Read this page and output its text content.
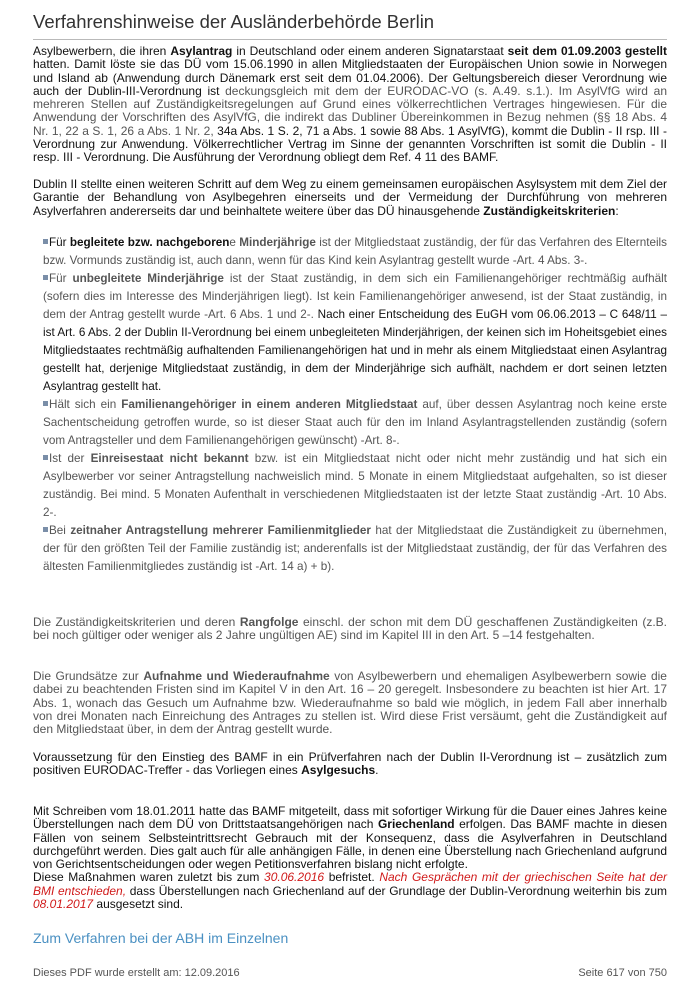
Verfahrenshinweise der Ausländerbehörde Berlin
Asylbewerbern, die ihren Asylantrag in Deutschland oder einem anderen Signatarstaat seit dem 01.09.2003 gestellt hatten. Damit löste sie das DÜ vom 15.06.1990 in allen Mitgliedstaaten der Europäischen Union sowie in Norwegen und Island ab (Anwendung durch Dänemark erst seit dem 01.04.2006). Der Geltungsbereich dieser Verordnung wie auch der Dublin-III-Verordnung ist deckungsgleich mit dem der EURODAC-VO (s. A.49. s.1.). Im AsylVfG wird an mehreren Stellen auf Zuständigkeitsregelungen auf Grund eines völkerrechtlichen Vertrages hingewiesen. Für die Anwendung der Vorschriften des AsylVfG, die indirekt das Dubliner Übereinkommen in Bezug nehmen (§§ 18 Abs. 4 Nr. 1, 22 a S. 1, 26 a Abs. 1 Nr. 2, 34a Abs. 1 S. 2, 71 a Abs. 1 sowie 88 Abs. 1 AsylVfG), kommt die Dublin - II rsp. III - Verordnung zur Anwendung. Völkerrechtlicher Vertrag im Sinne der genannten Vorschriften ist somit die Dublin - II resp. III - Verordnung. Die Ausführung der Verordnung obliegt dem Ref. 4 11 des BAMF.
Dublin II stellte einen weiteren Schritt auf dem Weg zu einem gemeinsamen europäischen Asylsystem mit dem Ziel der Garantie der Behandlung von Asylbegehren einerseits und der Vermeidung der Durchführung von mehreren Asylverfahren andererseits dar und beinhaltete weitere über das DÜ hinausgehende Zuständigkeitskriterien:
Für begleitete bzw. nachgeborene Minderjährige ist der Mitgliedstaat zuständig, der für das Verfahren des Elternteils bzw. Vormunds zuständig ist, auch dann, wenn für das Kind kein Asylantrag gestellt wurde -Art. 4 Abs. 3-.
Für unbegleitete Minderjährige ist der Staat zuständig, in dem sich ein Familienangehöriger rechtmäßig aufhält (sofern dies im Interesse des Minderjährigen liegt). Ist kein Familienangehöriger anwesend, ist der Staat zuständig, in dem der Antrag gestellt wurde -Art. 6 Abs. 1 und 2-. Nach einer Entscheidung des EuGH vom 06.06.2013 – C 648/11 – ist Art. 6 Abs. 2 der Dublin II-Verordnung bei einem unbegleiteten Minderjährigen, der keinen sich im Hoheitsgebiet eines Mitgliedstaates rechtmäßig aufhaltenden Familienangehörigen hat und in mehr als einem Mitgliedstaat einen Asylantrag gestellt hat, derjenige Mitgliedstaat zuständig, in dem der Minderjährige sich aufhält, nachdem er dort seinen letzten Asylantrag gestellt hat.
Hält sich ein Familienangehöriger in einem anderen Mitgliedstaat auf, über dessen Asylantrag noch keine erste Sachentscheidung getroffen wurde, so ist dieser Staat auch für den im Inland Asylantragstellenden zuständig (sofern vom Antragsteller und dem Familienangehörigen gewünscht) -Art. 8-.
Ist der Einreisestaat nicht bekannt bzw. ist ein Mitgliedstaat nicht oder nicht mehr zuständig und hat sich ein Asylbewerber vor seiner Antragstellung nachweislich mind. 5 Monate in einem Mitgliedstaat aufgehalten, so ist dieser zuständig. Bei mind. 5 Monaten Aufenthalt in verschiedenen Mitgliedstaaten ist der letzte Staat zuständig -Art. 10 Abs. 2-.
Bei zeitnaher Antragstellung mehrerer Familienmitglieder hat der Mitgliedstaat die Zuständigkeit zu übernehmen, der für den größten Teil der Familie zuständig ist; anderenfalls ist der Mitgliedstaat zuständig, der für das Verfahren des ältesten Familienmitgliedes zuständig ist -Art. 14 a) + b).
Die Zuständigkeitskriterien und deren Rangfolge einschl. der schon mit dem DÜ geschaffenen Zuständigkeiten (z.B. bei noch gültiger oder weniger als 2 Jahre ungültigen AE) sind im Kapitel III in den Art. 5 –14 festgehalten.
Die Grundsätze zur Aufnahme und Wiederaufnahme von Asylbewerbern und ehemaligen Asylbewerbern sowie die dabei zu beachtenden Fristen sind im Kapitel V in den Art. 16 – 20 geregelt. Insbesondere zu beachten ist hier Art. 17 Abs. 1, wonach das Gesuch um Aufnahme bzw. Wiederaufnahme so bald wie möglich, in jedem Fall aber innerhalb von drei Monaten nach Einreichung des Antrages zu stellen ist. Wird diese Frist versäumt, geht die Zuständigkeit auf den Mitgliedstaat über, in dem der Antrag gestellt wurde.
Voraussetzung für den Einstieg des BAMF in ein Prüfverfahren nach der Dublin II-Verordnung ist – zusätzlich zum positiven EURODAC-Treffer - das Vorliegen eines Asylgesuchs.
Mit Schreiben vom 18.01.2011 hatte das BAMF mitgeteilt, dass mit sofortiger Wirkung für die Dauer eines Jahres keine Überstellungen nach dem DÜ von Drittstaatsangehörigen nach Griechenland erfolgen. Das BAMF machte in diesen Fällen von seinem Selbsteintrittsrecht Gebrauch mit der Konsequenz, dass die Asylverfahren in Deutschland durchgeführt werden. Dies galt auch für alle anhängigen Fälle, in denen eine Überstellung nach Griechenland aufgrund von Gerichtsentscheidungen oder wegen Petitionsverfahren bislang nicht erfolgte.
Diese Maßnahmen waren zuletzt bis zum 30.06.2016 befristet. Nach Gesprächen mit der griechischen Seite hat der BMI entschieden, dass Überstellungen nach Griechenland auf der Grundlage der Dublin-Verordnung weiterhin bis zum 08.01.2017 ausgesetzt sind.
Zum Verfahren bei der ABH im Einzelnen
Dieses PDF wurde erstellt am: 12.09.2016	Seite 617 von 750
